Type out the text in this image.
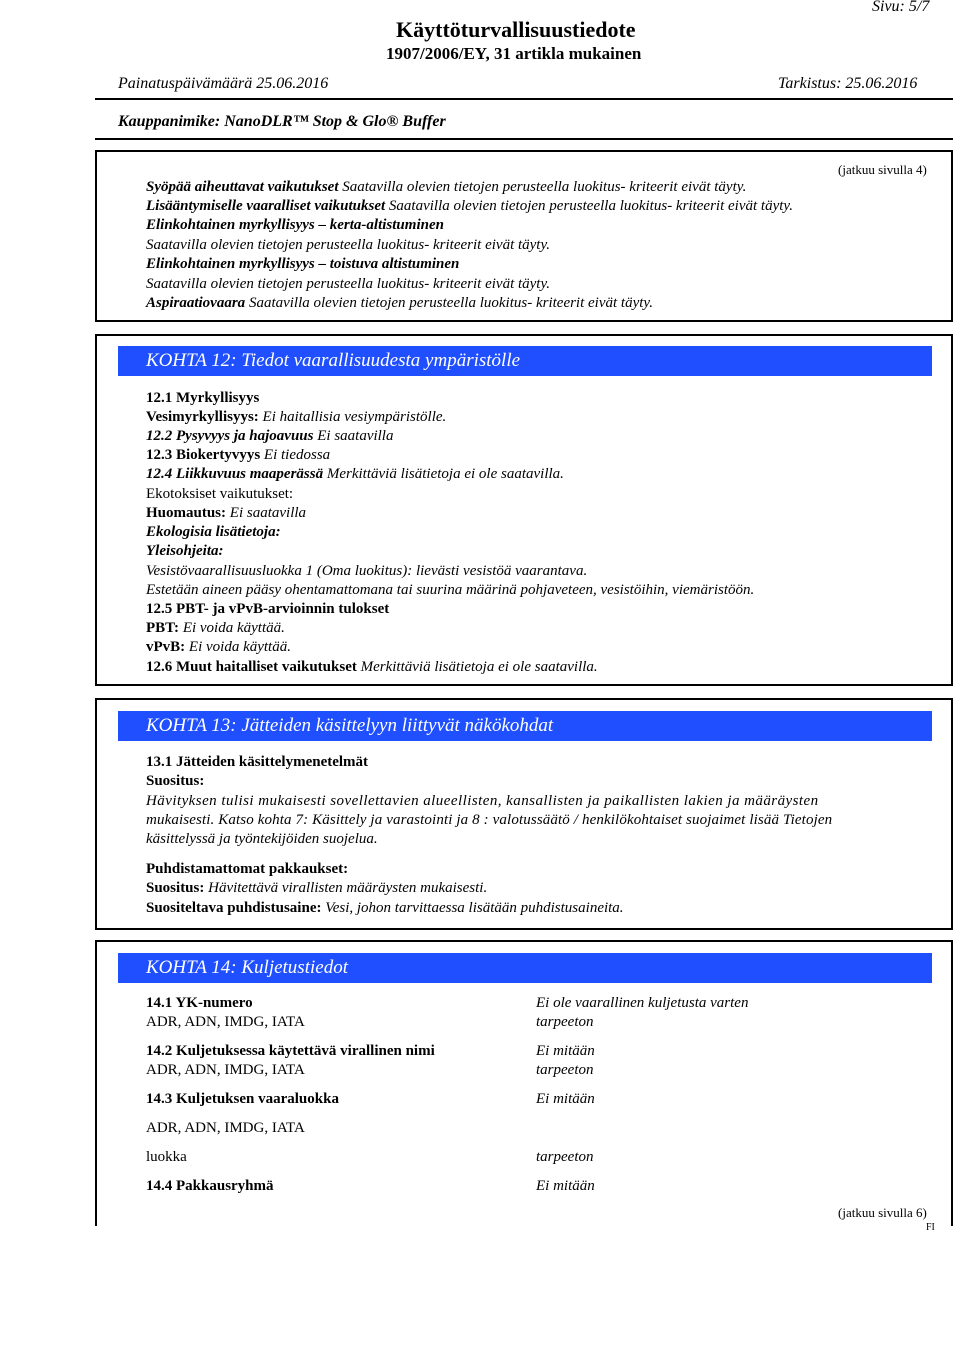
Sivu: 5/7
Käyttöturvallisuustiedote
1907/2006/EY, 31 artikla mukainen
Painatuspäivämäärä 25.06.2016	Tarkistus: 25.06.2016
Kauppanimike: NanoDLR™ Stop & Glo® Buffer
(jatkuu sivulla 4)
Syöpää aiheuttavat vaikutukset Saatavilla olevien tietojen perusteella luokitus- kriteerit eivät täyty.
Lisääntymiselle vaaralliset vaikutukset Saatavilla olevien tietojen perusteella luokitus- kriteerit eivät täyty.
Elinkohtainen myrkyllisyys – kerta-altistuminen
Saatavilla olevien tietojen perusteella luokitus- kriteerit eivät täyty.
Elinkohtainen myrkyllisyys – toistuva altistuminen
Saatavilla olevien tietojen perusteella luokitus- kriteerit eivät täyty.
Aspiraatiovaara Saatavilla olevien tietojen perusteella luokitus- kriteerit eivät täyty.
KOHTA 12: Tiedot vaarallisuudesta ympäristölle
12.1 Myrkyllisyys
Vesimyrkyllisyys: Ei haitallisia vesiympäristölle.
12.2 Pysyvyys ja hajoavuus Ei saatavilla
12.3 Biokertyvyys Ei tiedossa
12.4 Liikkuvuus maaperässä Merkittäviä lisätietoja ei ole saatavilla.
Ekotoksiset vaikutukset:
Huomautus: Ei saatavilla
Ekologisia lisätietoja:
Yleisohjeita:
Vesistövaarallisuusluokka 1 (Oma luokitus): lievästi vesistöä vaarantava.
Estetään aineen pääsy ohentamattomana tai suurina määrinä pohjaveteen, vesistöihin, viemäristöön.
12.5 PBT- ja vPvB-arvioinnin tulokset
PBT: Ei voida käyttää.
vPvB: Ei voida käyttää.
12.6 Muut haitalliset vaikutukset Merkittäviä lisätietoja ei ole saatavilla.
KOHTA 13: Jätteiden käsittelyyn liittyvät näkökohdat
13.1 Jätteiden käsittelymenetelmät
Suositus:
Hävityksen tulisi mukaisesti sovellettavien alueellisten, kansallisten ja paikallisten lakien ja määräysten
mukaisesti. Katso kohta 7: Käsittely ja varastointi ja 8 : valotussäätö / henkilökohtaiset suojaimet lisää Tietojen
käsittelyssä ja työntekijöiden suojelua.
Puhdistamattomat pakkaukset:
Suositus: Hävitettävä virallisten määräysten mukaisesti.
Suositeltava puhdistusaine: Vesi, johon tarvittaessa lisätään puhdistusaineita.
KOHTA 14: Kuljetustiedot
14.1 YK-numero	Ei ole vaarallinen kuljetusta varten
ADR, ADN, IMDG, IATA	tarpeeton
14.2 Kuljetuksessa käytettävä virallinen nimi	Ei mitään
ADR, ADN, IMDG, IATA	tarpeeton
14.3 Kuljetuksen vaaraluokka	Ei mitään
ADR, ADN, IMDG, IATA
luokka	tarpeeton
14.4 Pakkausryhmä	Ei mitään
(jatkuu sivulla 6)
FI
